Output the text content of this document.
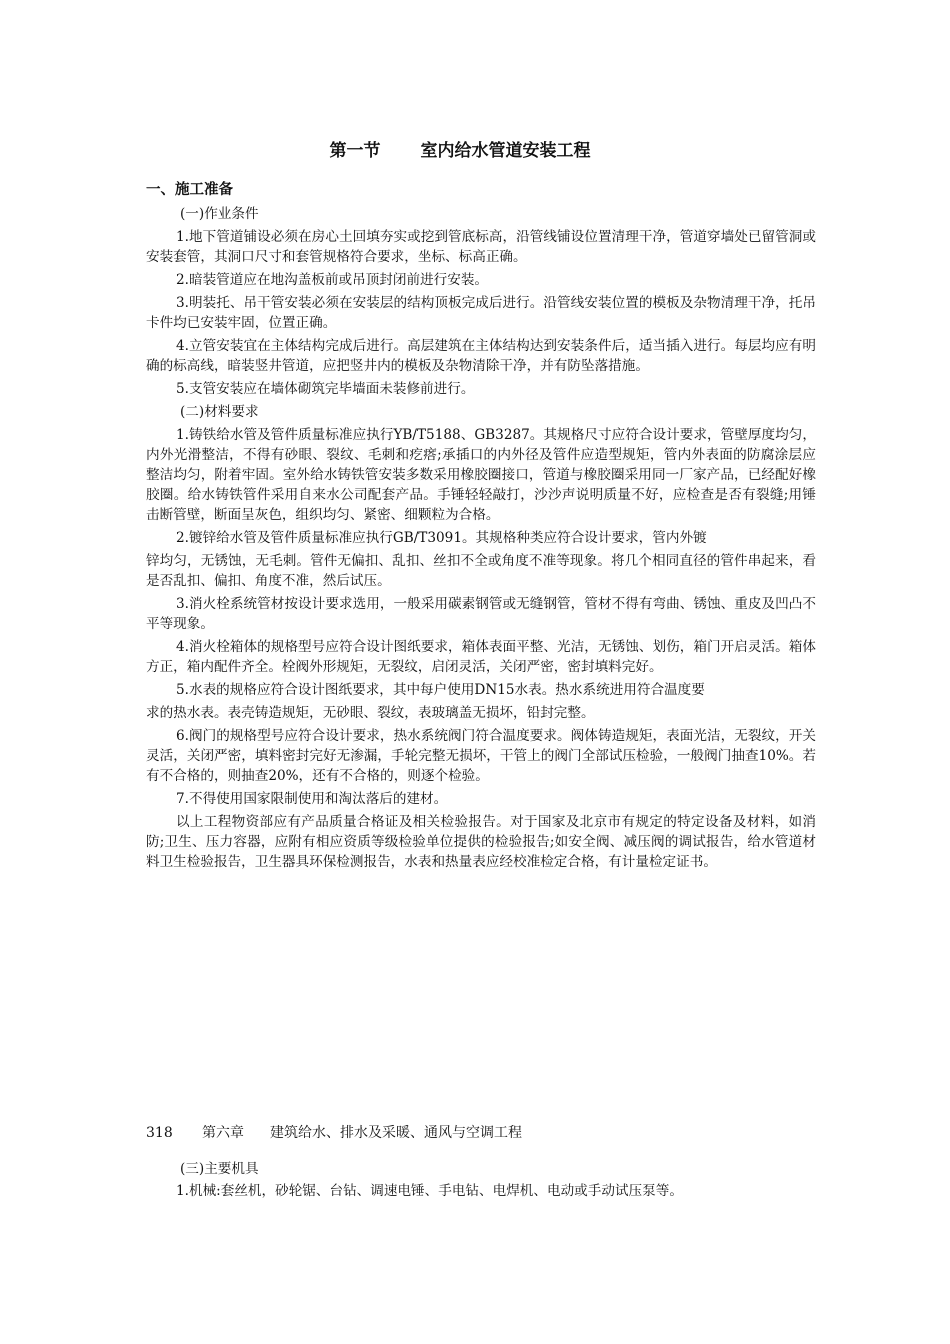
第一节 室内给水管道安装工程
一、施工准备

(一)作业条件

1.地下管道铺设必须在房心土回填夯实或挖到管底标高，沿管线铺设位置清理干净，管道穿墙处已留管洞或安装套管，其洞口尺寸和套管规格符合要求，坐标、标高正确。

2.暗装管道应在地沟盖板前或吊顶封闭前进行安装。

3.明装托、吊干管安装必须在安装层的结构顶板完成后进行。沿管线安装位置的模板及杂物清理干净，托吊卡件均已安装牢固，位置正确。

4.立管安装宜在主体结构完成后进行。高层建筑在主体结构达到安装条件后，适当插入进行。每层均应有明确的标高线，暗装竖井管道，应把竖井内的模板及杂物清除干净，并有防坠落措施。

5.支管安装应在墙体砌筑完毕墙面未装修前进行。

(二)材料要求

1.铸铁给水管及管件质量标准应执行YB/T5188、GB3287。其规格尺寸应符合设计要求，管壁厚度均匀，内外光滑整洁，不得有砂眼、裂纹、毛刺和疙瘩;承插口的内外径及管件应造型规矩，管内外表面的防腐涂层应整洁均匀，附着牢固。室外给水铸铁管安装多数采用橡胶圈接口，管道与橡胶圈采用同一厂家产品，已经配好橡胶圈。给水铸铁管件采用自来水公司配套产品。手锤轻轻敲打，沙沙声说明质量不好，应检查是否有裂缝;用锤击断管壁，断面呈灰色，组织均匀、紧密、细颗粒为合格。

2.镀锌给水管及管件质量标准应执行GB/T3091。其规格种类应符合设计要求，管内外镀

锌均匀，无锈蚀，无毛刺。管件无偏扣、乱扣、丝扣不全或角度不准等现象。将几个相同直径的管件串起来，看是否乱扣、偏扣、角度不准，然后试压。

3.消火栓系统管材按设计要求选用，一般采用碳素钢管或无缝钢管，管材不得有弯曲、锈蚀、重皮及凹凸不平等现象。

4.消火栓箱体的规格型号应符合设计图纸要求，箱体表面平整、光洁，无锈蚀、划伤，箱门开启灵活。箱体方正，箱内配件齐全。栓阀外形规矩，无裂纹，启闭灵活，关闭严密，密封填料完好。

5.水表的规格应符合设计图纸要求，其中每户使用DN15水表。热水系统进用符合温度要

求的热水表。表壳铸造规矩，无砂眼、裂纹，表玻璃盖无损坏，铅封完整。

6.阀门的规格型号应符合设计要求，热水系统阀门符合温度要求。阀体铸造规矩，表面光洁，无裂纹，开关灵活，关闭严密，填料密封完好无渗漏，手轮完整无损坏，干管上的阀门全部试压检验，一般阀门抽查10%。若有不合格的，则抽查20%，还有不合格的，则逐个检验。

7.不得使用国家限制使用和淘汰落后的建材。

以上工程物资部应有产品质量合格证及相关检验报告。对于国家及北京市有规定的特定设备及材料，如消防;卫生、压力容器，应附有相应资质等级检验单位提供的检验报告;如安全阀、减压阀的调试报告，给水管道材料卫生检验报告，卫生器具环保检测报告，水表和热量表应经校准检定合格，有计量检定证书。

318 第六章 建筑给水、排水及采暖、通风与空调工程

(三)主要机具

1.机械:套丝机，砂轮锯、台钻、调速电锤、手电钻、电焊机、电动或手动试压泵等。
